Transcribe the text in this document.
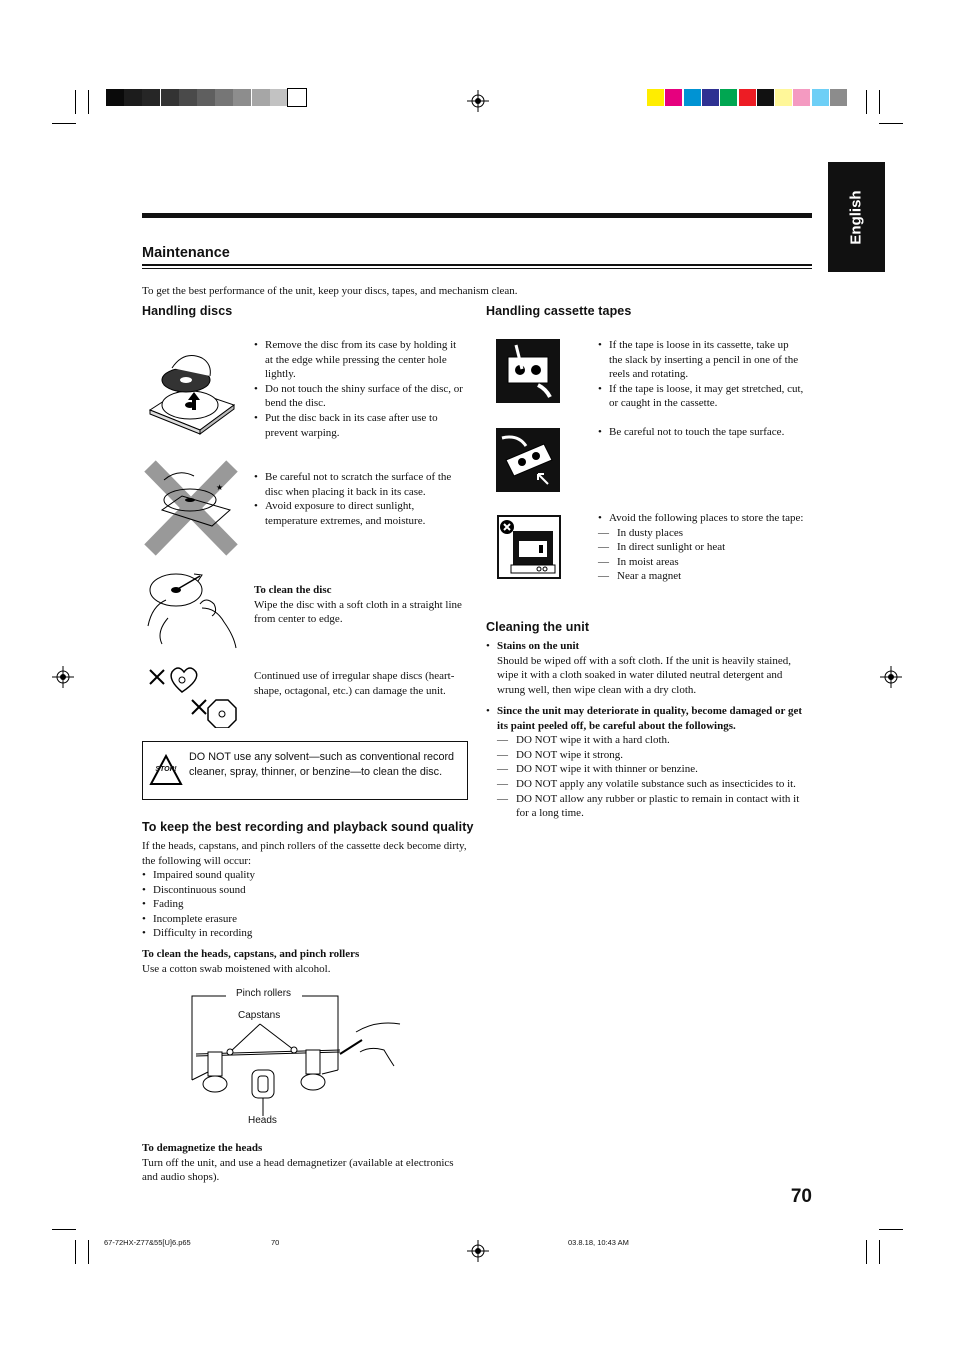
English
Maintenance
To get the best performance of the unit, keep your discs, tapes, and mechanism clean.
Handling discs
• Remove the disc from its case by holding it at the edge while pressing the center hole lightly.
• Do not touch the shiny surface of the disc, or bend the disc.
• Put the disc back in its case after use to prevent warping.
★
• Be careful not to scratch the surface of the disc when placing it back in its case.
• Avoid exposure to direct sunlight, temperature extremes, and moisture.
To clean the disc
Wipe the disc with a soft cloth in a straight line from center to edge.
Continued use of irregular shape discs (heart-shape, octagonal, etc.) can damage the unit.
STOP!
DO NOT use any solvent—such as conventional record cleaner, spray, thinner, or benzine—to clean the disc.
To keep the best recording and playback sound quality
If the heads, capstans, and pinch rollers of the cassette deck become dirty, the following will occur:
• Impaired sound quality
• Discontinuous sound
• Fading
• Incomplete erasure
• Difficulty in recording
To clean the heads, capstans, and pinch rollers
Use a cotton swab moistened with alcohol.
Pinch rollers
Capstans
Heads
To demagnetize the heads
Turn off the unit, and use a head demagnetizer (available at electronics and audio shops).
Handling cassette tapes
• If the tape is loose in its cassette, take up the slack by inserting a pencil in one of the reels and rotating.
• If the tape is loose, it may get stretched, cut, or caught in the cassette.
• Be careful not to touch the tape surface.
• Avoid the following places to store the tape:
— In dusty places
— In direct sunlight or heat
— In moist areas
— Near a magnet
Cleaning the unit
• Stains on the unit
Should be wiped off with a soft cloth. If the unit is heavily stained, wipe it with a cloth soaked in water diluted neutral detergent and wrung well, then wipe clean with a dry cloth.
• Since the unit may deteriorate in quality, become damaged or get its paint peeled off, be careful about the followings.
— DO NOT wipe it with a hard cloth.
— DO NOT wipe it strong.
— DO NOT wipe it with thinner or benzine.
— DO NOT apply any volatile substance such as insecticides to it.
— DO NOT allow any rubber or plastic to remain in contact with it for a long time.
70
67-72HX-Z77&55[U]6.p65	70	03.8.18, 10:43 AM
